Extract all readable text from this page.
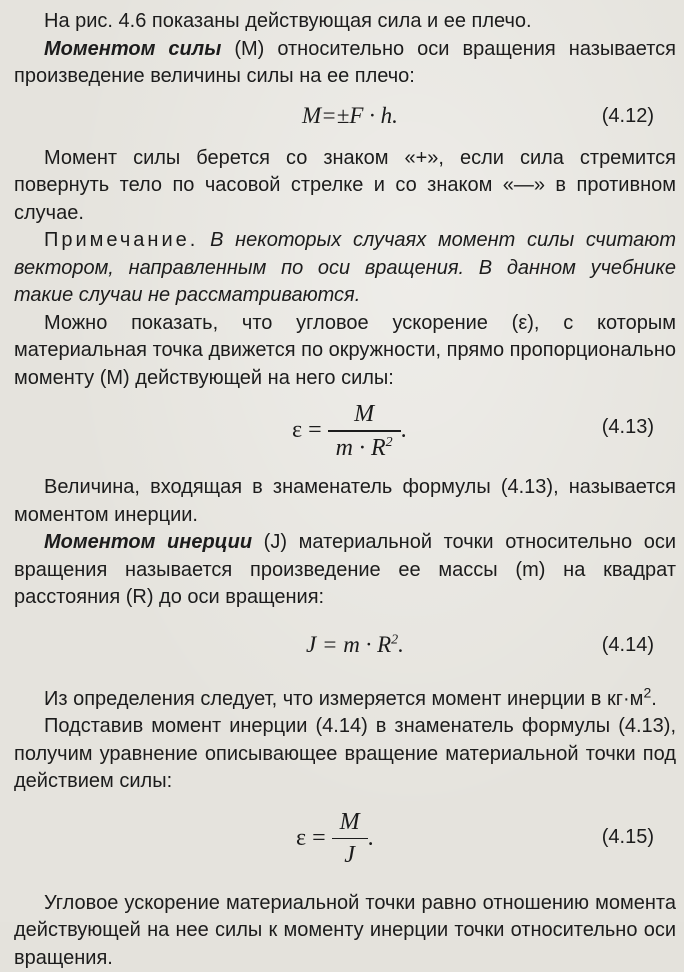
На рис. 4.6 показаны действующая сила и ее плечо.

Моментом силы (M) относительно оси вращения называется произведение величины силы на ее плечо:

M=±F · h.	(4.12)

Момент силы берется со знаком «+», если сила стремится повернуть тело по часовой стрелке и со знаком «—» в противном случае.

Примечание. В некоторых случаях момент силы считают вектором, направленным по оси вращения. В данном учебнике такие случаи не рассматриваются.

Можно показать, что угловое ускорение (ε), с которым материальная точка движется по окружности, прямо пропорционально моменту (M) действующей на него силы:

$\varepsilon = \frac{M}{m \cdot R^2}$ .	(4.13)

Величина, входящая в знаменатель формулы (4.13), называется моментом инерции.

Моментом инерции (J) материальной точки относительно оси вращения называется произведение ее массы (m) на квадрат расстояния (R) до оси вращения:

$J = m \cdot R^2$.	(4.14)

Из определения следует, что измеряется момент инерции в $кг\cdot м^2$.

Подставив момент инерции (4.14) в знаменатель формулы (4.13), получим уравнение описывающее вращение материальной точки под действием силы:

$\varepsilon = \frac{M}{J}$ .	(4.15)

Угловое ускорение материальной точки равно отношению момента действующей на нее силы к моменту инерции точки относительно оси вращения.
